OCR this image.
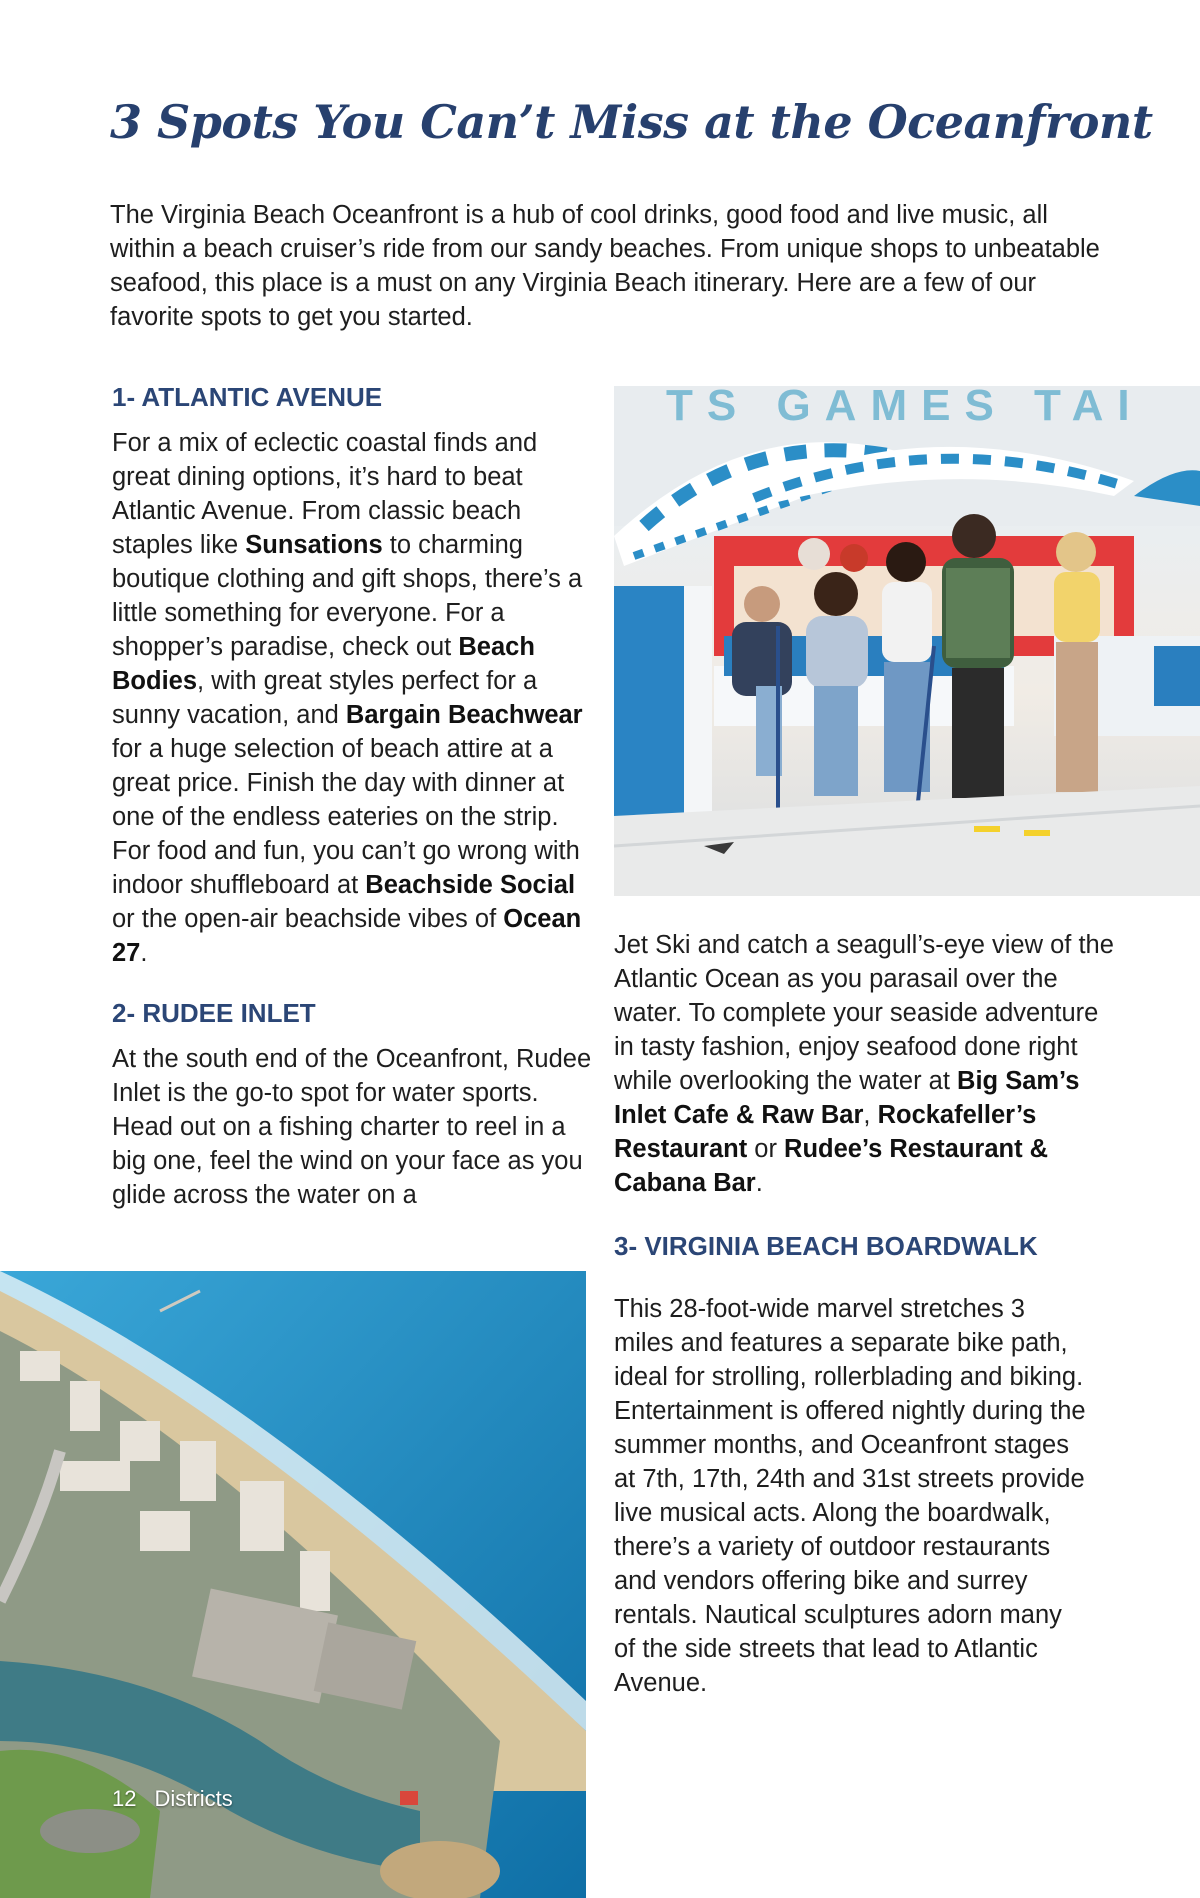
3 Spots You Can’t Miss at the Oceanfront

The Virginia Beach Oceanfront is a hub of cool drinks, good food and live music, all within a beach cruiser’s ride from our sandy beaches. From unique shops to unbeatable seafood, this place is a must on any Virginia Beach itinerary. Here are a few of our favorite spots to get you started.

1- ATLANTIC AVENUE

For a mix of eclectic coastal finds and great dining options, it’s hard to beat Atlantic Avenue. From classic beach staples like Sunsations to charming boutique clothing and gift shops, there’s a little something for everyone. For a shopper’s paradise, check out Beach Bodies, with great styles perfect for a sunny vacation, and Bargain Beachwear for a huge selection of beach attire at a great price. Finish the day with dinner at one of the endless eateries on the strip. For food and fun, you can’t go wrong with indoor shuffleboard at Beachside Social or the open-air beachside vibes of Ocean 27.

2- RUDEE INLET

At the south end of the Oceanfront, Rudee Inlet is the go-to spot for water sports. Head out on a fishing charter to reel in a big one, feel the wind on your face as you glide across the water on a

TS GAMES TAI

Jet Ski and catch a seagull’s-eye view of the Atlantic Ocean as you parasail over the water. To complete your seaside adventure in tasty fashion, enjoy seafood done right while overlooking the water at Big Sam’s Inlet Cafe & Raw Bar, Rockafeller’s Restaurant or Rudee’s Restaurant & Cabana Bar.

3- VIRGINIA BEACH BOARDWALK

This 28-foot-wide marvel stretches 3 miles and features a separate bike path, ideal for strolling, rollerblading and biking. Entertainment is offered nightly during the summer months, and Oceanfront stages at 7th, 17th, 24th and 31st streets provide live musical acts. Along the boardwalk, there’s a variety of outdoor restaurants and vendors offering bike and surrey rentals. Nautical sculptures adorn many of the side streets that lead to Atlantic Avenue.

12 Districts
